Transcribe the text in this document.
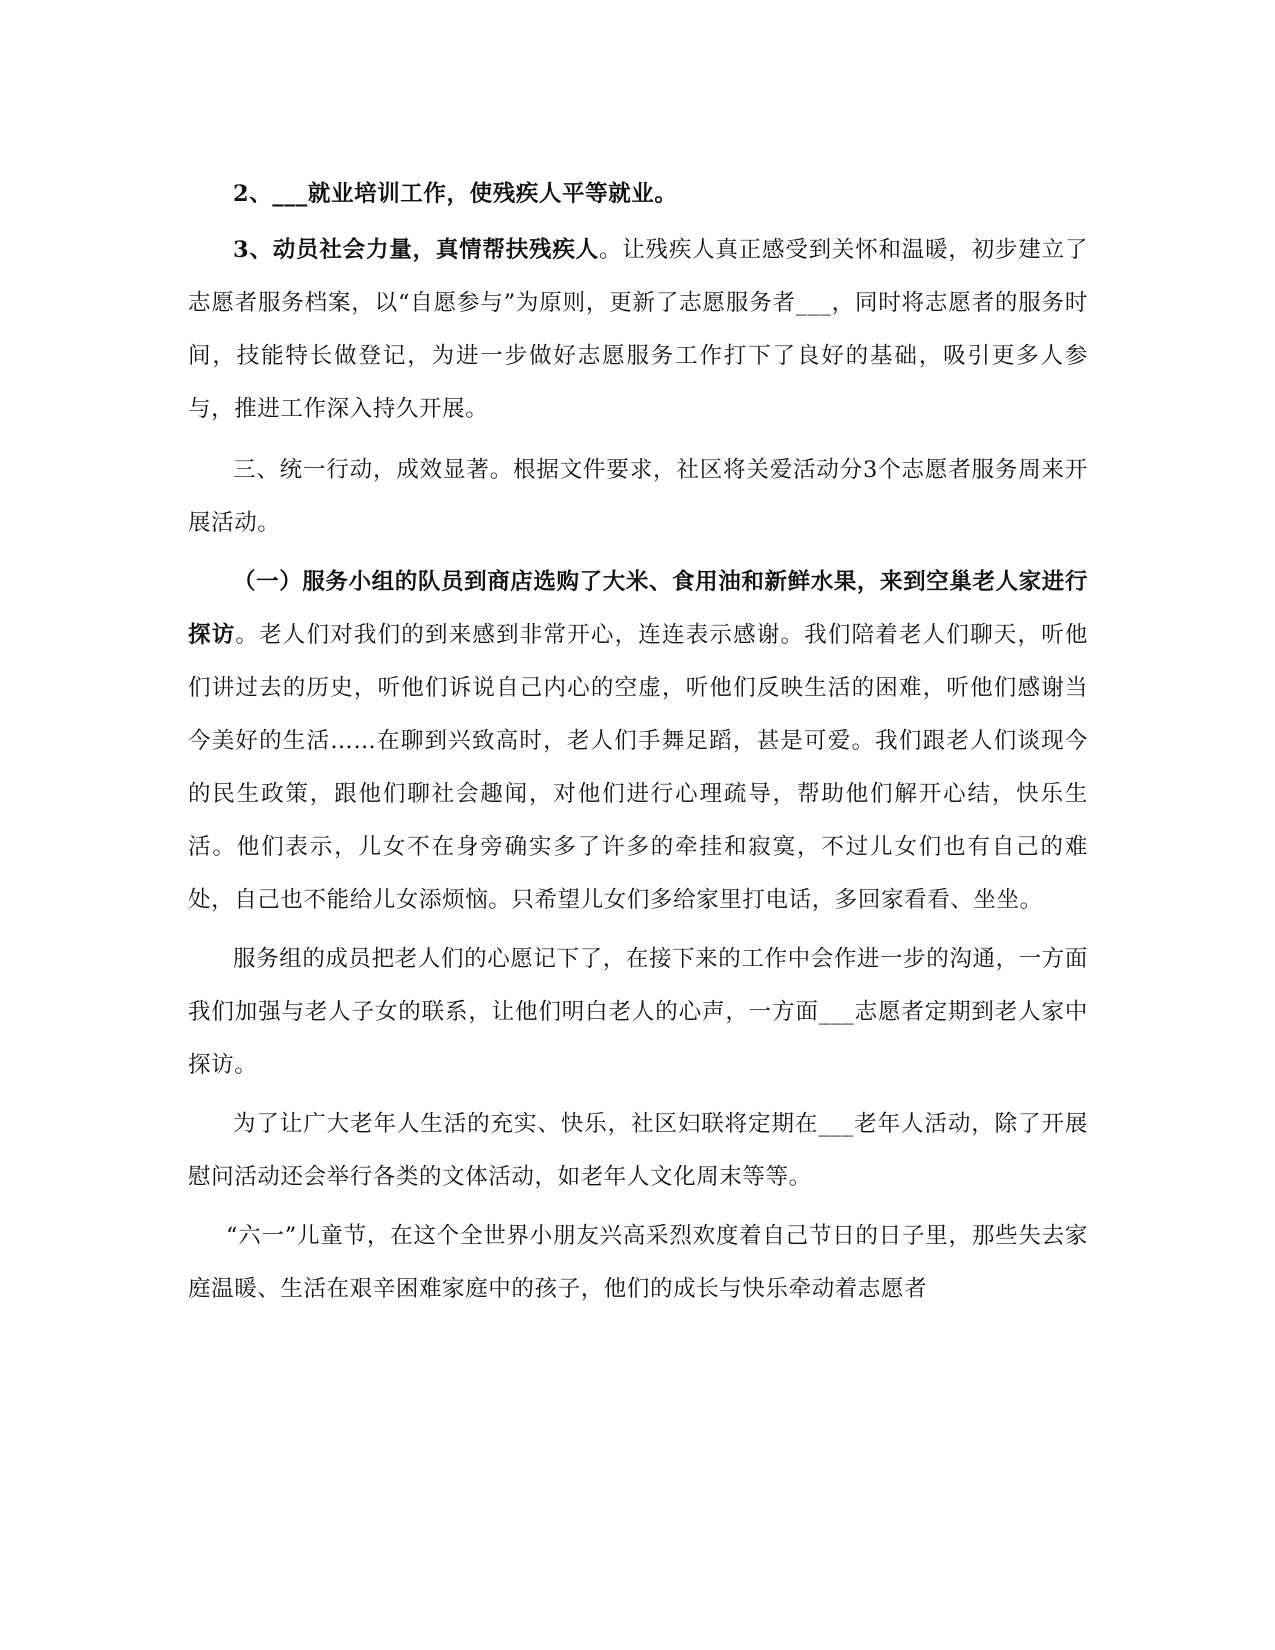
2、___就业培训工作，使残疾人平等就业。

3、动员社会力量，真情帮扶残疾人。让残疾人真正感受到关怀和温暖，初步建立了志愿者服务档案，以“自愿参与”为原则，更新了志愿服务者___，同时将志愿者的服务时间，技能特长做登记，为进一步做好志愿服务工作打下了良好的基础，吸引更多人参与，推进工作深入持久开展。

三、统一行动，成效显著。根据文件要求，社区将关爱活动分3个志愿者服务周来开展活动。

（一）服务小组的队员到商店选购了大米、食用油和新鲜水果，来到空巢老人家进行探访。老人们对我们的到来感到非常开心，连连表示感谢。我们陪着老人们聊天，听他们讲过去的历史，听他们诉说自己内心的空虚，听他们反映生活的困难，听他们感谢当今美好的生活……在聊到兴致高时，老人们手舞足蹈，甚是可爱。我们跟老人们谈现今的民生政策，跟他们聊社会趣闻，对他们进行心理疏导，帮助他们解开心结，快乐生活。他们表示，儿女不在身旁确实多了许多的牵挂和寂寞，不过儿女们也有自己的难处，自己也不能给儿女添烦恼。只希望儿女们多给家里打电话，多回家看看、坐坐。

服务组的成员把老人们的心愿记下了，在接下来的工作中会作进一步的沟通，一方面我们加强与老人子女的联系，让他们明白老人的心声，一方面___志愿者定期到老人家中探访。

为了让广大老年人生活的充实、快乐，社区妇联将定期在___老年人活动，除了开展慰问活动还会举行各类的文体活动，如老年人文化周末等等。

“六一”儿童节，在这个全世界小朋友兴高采烈欢度着自己节日的日子里，那些失去家庭温暖、生活在艰辛困难家庭中的孩子，他们的成长与快乐牵动着志愿者
